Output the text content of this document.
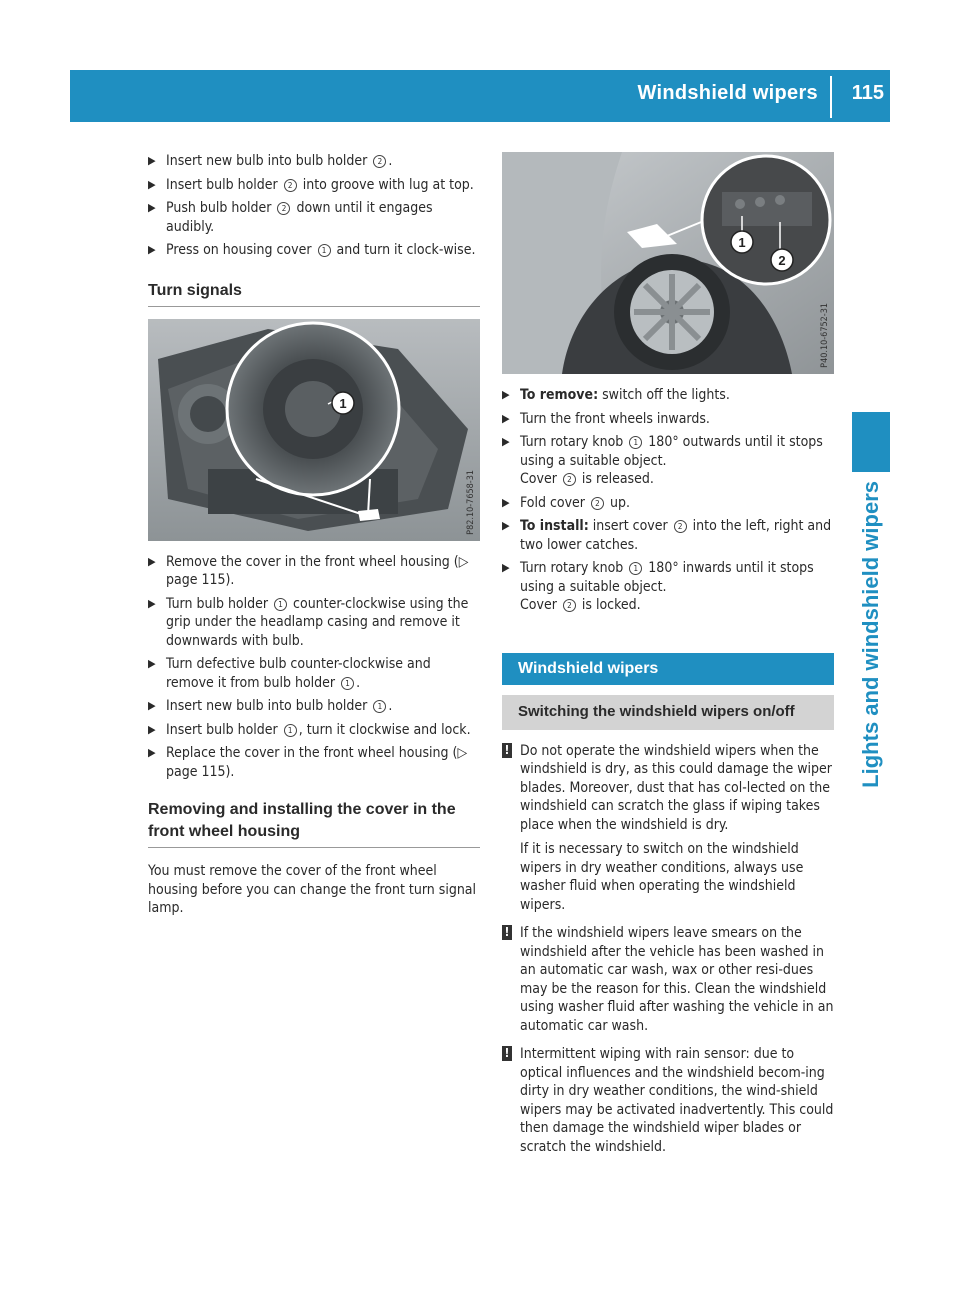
Windshield wipers 115
Lights and windshield wipers
▶ Insert new bulb into bulb holder 2 .
▶ Insert bulb holder 2 into groove with lug at top.
▶ Push bulb holder 2 down until it engages audibly.
▶ Press on housing cover 1 and turn it clock-wise.
Turn signals
1
P82.10-7658-31
▶ Remove the cover in the front wheel housing (▷ page 115).
▶ Turn bulb holder 1 counter-clockwise using the grip under the headlamp casing and remove it downwards with bulb.
▶ Turn defective bulb counter-clockwise and remove it from bulb holder 1 .
▶ Insert new bulb into bulb holder 1 .
▶ Insert bulb holder 1 , turn it clockwise and lock.
▶ Replace the cover in the front wheel housing (▷ page 115).
Removing and installing the cover in the front wheel housing

You must remove the cover of the front wheel housing before you can change the front turn signal lamp.

1
2
P40.10-6752-31
▶ To remove: switch off the lights.
▶ Turn the front wheels inwards.
▶ Turn rotary knob 1 180° outwards until it stops using a suitable object.
Cover 2 is released.
▶ Fold cover 2 up.
▶ To install: insert cover 2 into the left, right and two lower catches.
▶ Turn rotary knob 1 180° inwards until it stops using a suitable object.
Cover 2 is locked.
Windshield wipers
Switching the windshield wipers on/off
! Do not operate the windshield wipers when the windshield is dry, as this could damage the wiper blades. Moreover, dust that has col-lected on the windshield can scratch the glass if wiping takes place when the windshield is dry.

If it is necessary to switch on the windshield wipers in dry weather conditions, always use washer fluid when operating the windshield wipers.

! If the windshield wipers leave smears on the windshield after the vehicle has been washed in an automatic car wash, wax or other resi-dues may be the reason for this. Clean the windshield using washer fluid after washing the vehicle in an automatic car wash.

! Intermittent wiping with rain sensor: due to optical influences and the windshield becom-ing dirty in dry weather conditions, the wind-shield wipers may be activated inadvertently. This could then damage the windshield wiper blades or scratch the windshield.
